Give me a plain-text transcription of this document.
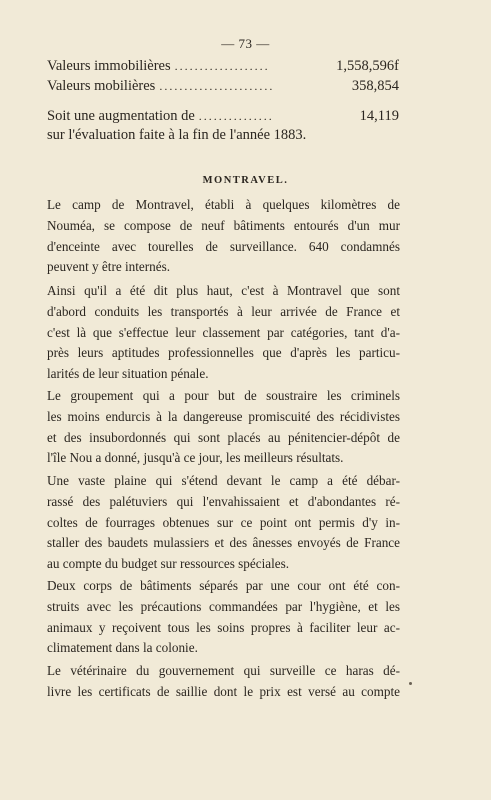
— 73 —
Valeurs immobilières ...................	1,558,596f
Valeurs mobilières .......................	358,854
Soit une augmentation de ...............	14,119
sur l'évaluation faite à la fin de l'année 1883.
MONTRAVEL.
Le camp de Montravel, établi à quelques kilomètres de
Nouméa, se compose de neuf bâtiments entourés d'un mur
d'enceinte avec tourelles de surveillance. 640 condamnés
peuvent y être internés.
Ainsi qu'il a été dit plus haut, c'est à Montravel que sont
d'abord conduits les transportés à leur arrivée de France et
c'est là que s'effectue leur classement par catégories, tant d'a-
près leurs aptitudes professionnelles que d'après les particu-
larités de leur situation pénale.
Le groupement qui a pour but de soustraire les criminels
les moins endurcis à la dangereuse promiscuité des récidivistes
et des insubordonnés qui sont placés au pénitencier-dépôt de
l'île Nou a donné, jusqu'à ce jour, les meilleurs résultats.
Une vaste plaine qui s'étend devant le camp a été débar-
rassé des palétuviers qui l'envahissaient et d'abondantes ré-
coltes de fourrages obtenues sur ce point ont permis d'y in-
staller des baudets mulassiers et des ânesses envoyés de France
au compte du budget sur ressources spéciales.
Deux corps de bâtiments séparés par une cour ont été con-
struits avec les précautions commandées par l'hygiène, et les
animaux y reçoivent tous les soins propres à faciliter leur ac-
climatement dans la colonie.
Le vétérinaire du gouvernement qui surveille ce haras dé-
livre les certificats de saillie dont le prix est versé au compte
